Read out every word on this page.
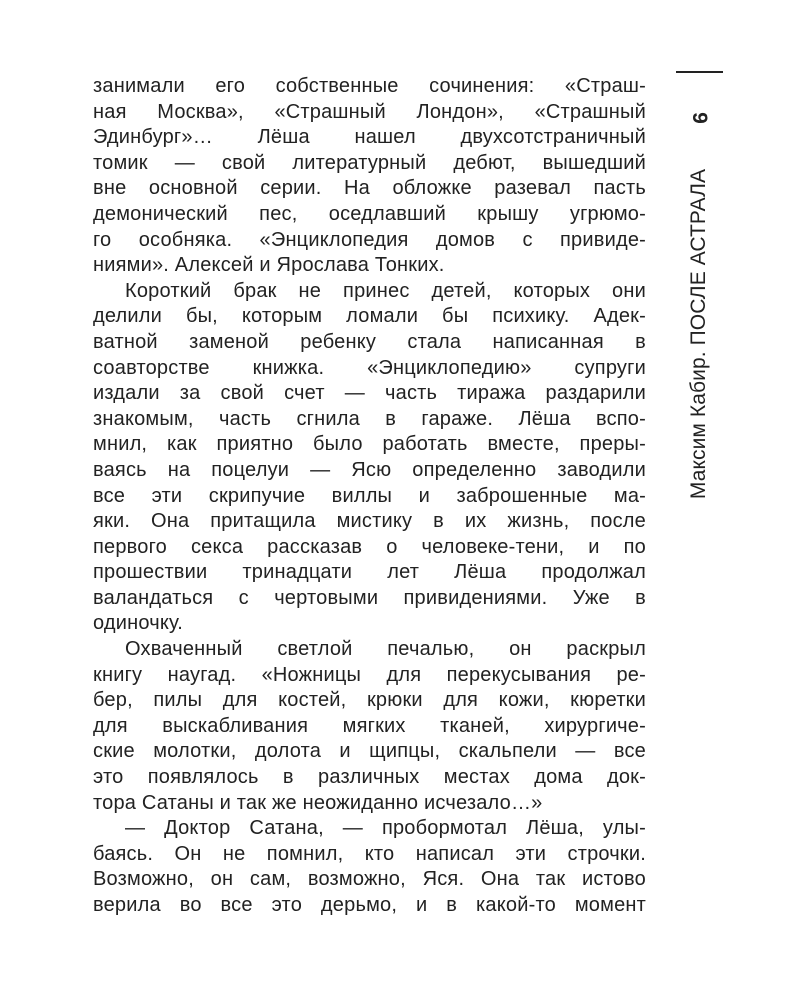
занимали его собственные сочинения: «Страш-
ная Москва», «Страшный Лондон», «Страшный
Эдинбург»… Лёша нашел двухсотстраничный
томик — свой литературный дебют, вышедший
вне основной серии. На обложке разевал пасть
демонический пес, оседлавший крышу угрюмо-
го особняка. «Энциклопедия домов с привиде-
ниями». Алексей и Ярослава Тонких.
Короткий брак не принес детей, которых они
делили бы, которым ломали бы психику. Адек-
ватной заменой ребенку стала написанная в
соавторстве книжка. «Энциклопедию» супруги
издали за свой счет — часть тиража раздарили
знакомым, часть сгнила в гараже. Лёша вспо-
мнил, как приятно было работать вместе, преры-
ваясь на поцелуи — Ясю определенно заводили
все эти скрипучие виллы и заброшенные ма-
яки. Она притащила мистику в их жизнь, после
первого секса рассказав о человеке-тени, и по
прошествии тринадцати лет Лёша продолжал
валандаться с чертовыми привидениями. Уже в
одиночку.
Охваченный светлой печалью, он раскрыл
книгу наугад. «Ножницы для перекусывания ре-
бер, пилы для костей, крюки для кожи, кюретки
для выскабливания мягких тканей, хирургиче-
ские молотки, долота и щипцы, скальпели — все
это появлялось в различных местах дома док-
тора Сатаны и так же неожиданно исчезало…»
— Доктор Сатана, — пробормотал Лёша, улы-
баясь. Он не помнил, кто написал эти строчки.
Возможно, он сам, возможно, Яся. Она так истово
верила во все это дерьмо, и в какой-то момент
9
Максим Кабир. ПОСЛЕ АСТРАЛА
